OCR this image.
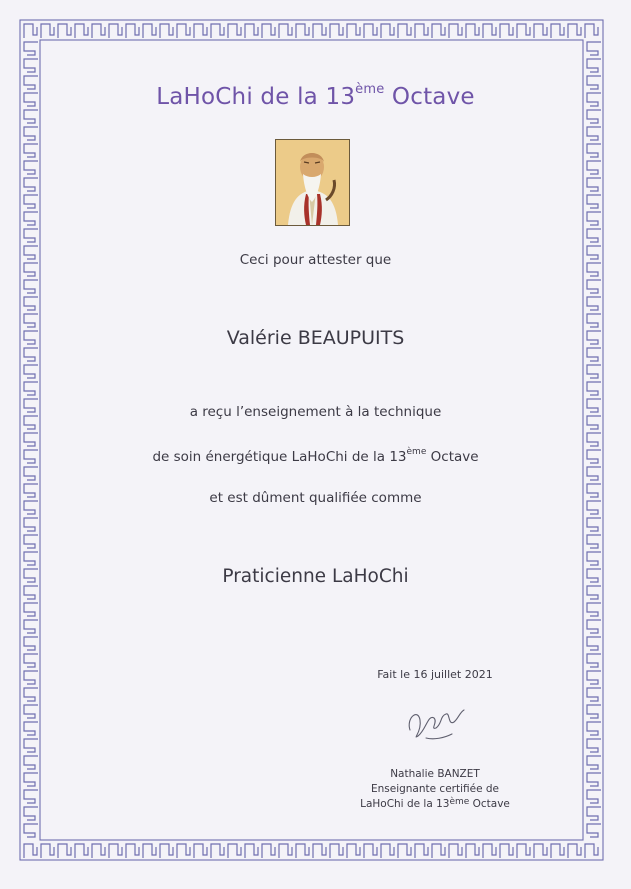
LaHoChi de la 13ème Octave
Ceci pour attester que
Valérie BEAUPUITS
a reçu l’enseignement à la technique
de soin énergétique LaHoChi de la 13ème Octave
et est dûment qualifiée comme
Praticienne LaHoChi
Fait le 16 juillet 2021
Nathalie BANZET
Enseignante certifiée de
LaHoChi de la 13ème Octave
